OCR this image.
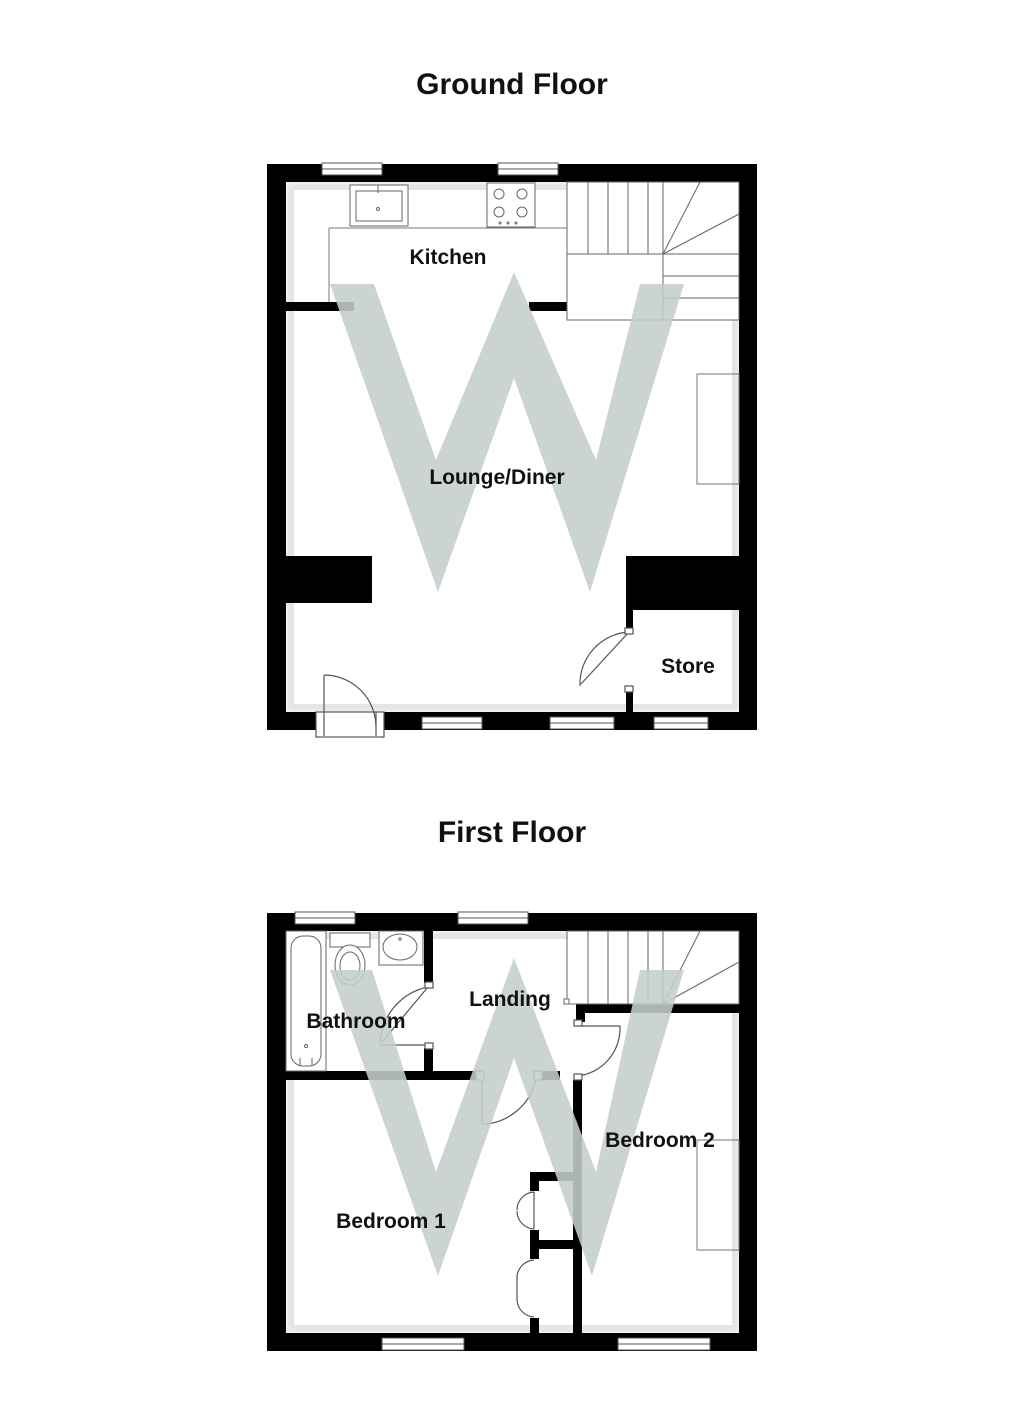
Ground Floor
First Floor
Kitchen
Lounge/Diner
Store
Landing
Bathroom
Bedroom 1
Bedroom 2
